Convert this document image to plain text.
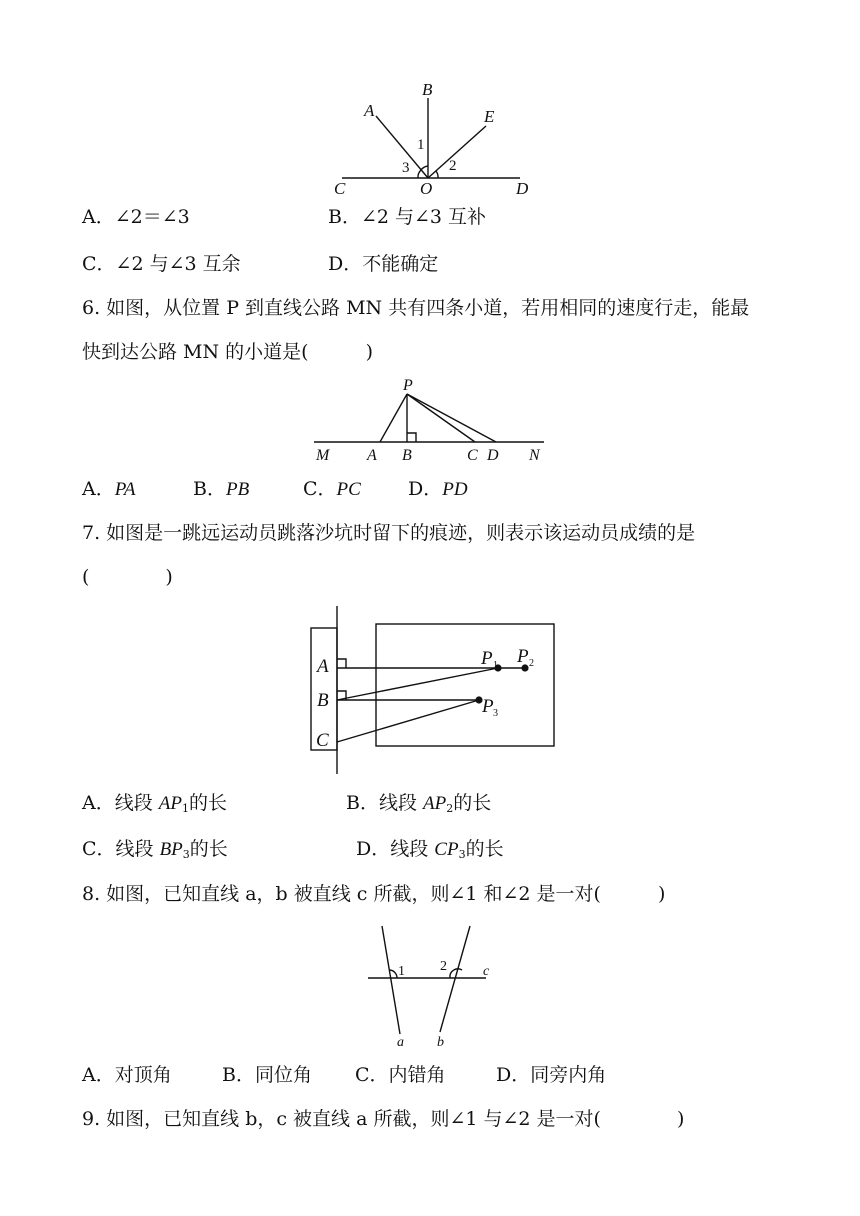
A
B
E
C	O	D
1
2
3
A．∠2＝∠3	B．∠2 与∠3 互补
C．∠2 与∠3 互余	D．不能确定
6. 如图，从位置 P 到直线公路 MN 共有四条小道，若用相同的速度行走，能最
快到达公路 MN 的小道是(　　　)
P
M A B	C D N
A．PA	B．PB	C．PC D．PD
7. 如图是一跳远运动员跳落沙坑时留下的痕迹，则表示该运动员成绩的是
(　　　　)
A
B
C
P P
P
1	2
3
A．线段 $AP_1$的长	B．线段 $AP_2$的长
C．线段 $BP_3$的长	D．线段 $CP_3$的长
8. 如图，已知直线 a，b 被直线 c 所截，则∠1 和∠2 是一对(　　　)
1	2	c
a b
A．对顶角	B．同位角 C．内错角	D．同旁内角
9. 如图，已知直线 b，c 被直线 a 所截，则∠1 与∠2 是一对(　　　　)
